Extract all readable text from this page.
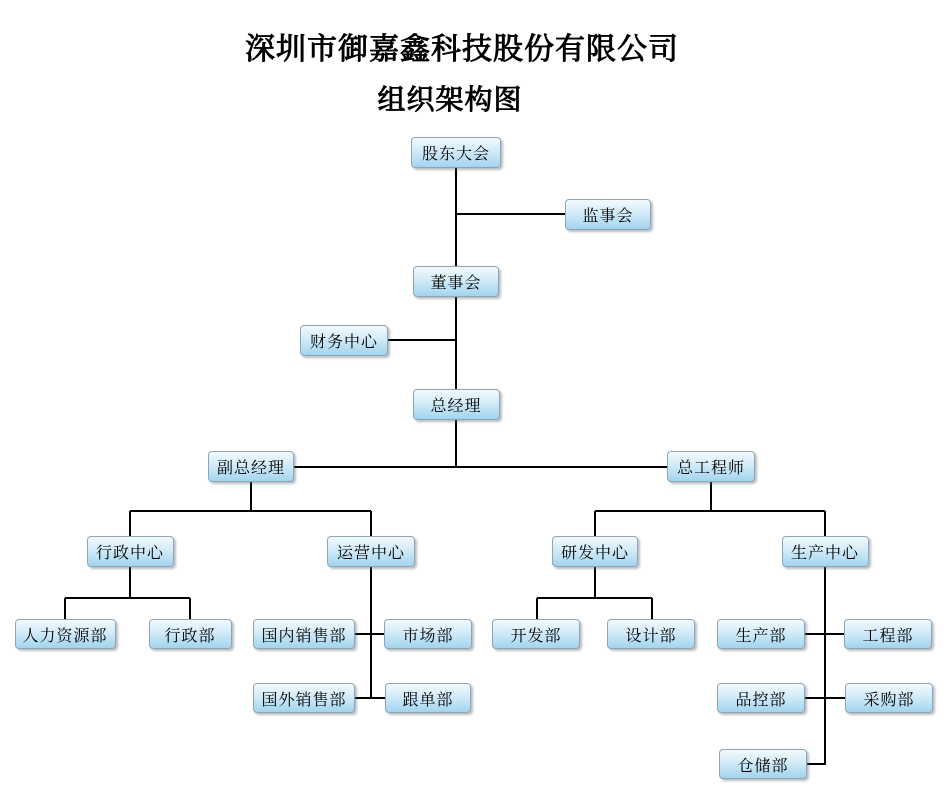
深圳市御嘉鑫科技股份有限公司
组织架构图
股东大会
监事会
董事会
财务中心
总经理
副总经理	总工程师
行政中心	运营中心	研发中心	生产中心
人力资源部	行政部	国内销售部	市场部
国外销售部	跟单部
开发部	设计部	生产部	工程部
品控部	采购部
仓储部
